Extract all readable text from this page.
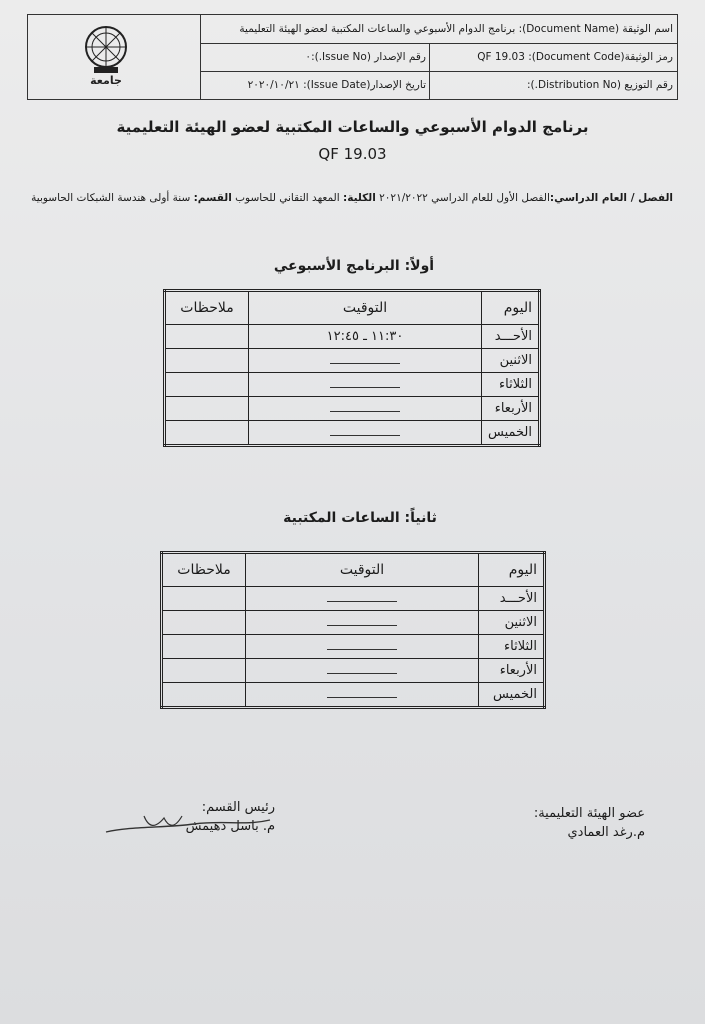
جامعة
اسم الوثيقة (Document Name): برنامج الدوام الأسبوعي والساعات المكتبية لعضو الهيئة التعليمية
رمز الوثيقة(Document Code): QF 19.03
رقم الإصدار (Issue No.):٠
رقم التوزيع (Distribution No.):
تاريخ الإصدار(Issue Date): ٢٠٢٠/١٠/٢١
برنامج الدوام الأسبوعي والساعات المكتبية لعضو الهيئة التعليمية
QF 19.03
الفصل / العام الدراسي:الفصل الأول للعام الدراسي ٢٠٢١/٢٠٢٢ الكلية: المعهد التقاني للحاسوب القسم: سنة أولى هندسة الشبكات الحاسوبية
أولاً: البرنامج الأسبوعي
اليوم	التوقيت	ملاحظات
الأحـــد	١١:٣٠ ـ ١٢:٤٥	
الاثنين		
الثلاثاء		
الأربعاء		
الخميس		
ثانياً: الساعات المكتبية
اليوم	التوقيت	ملاحظات
الأحـــد		
الاثنين		
الثلاثاء		
الأربعاء		
الخميس		
رئيس القسم:
م. باسل دهيمش
عضو الهيئة التعليمية:
م.رغد العمادي
